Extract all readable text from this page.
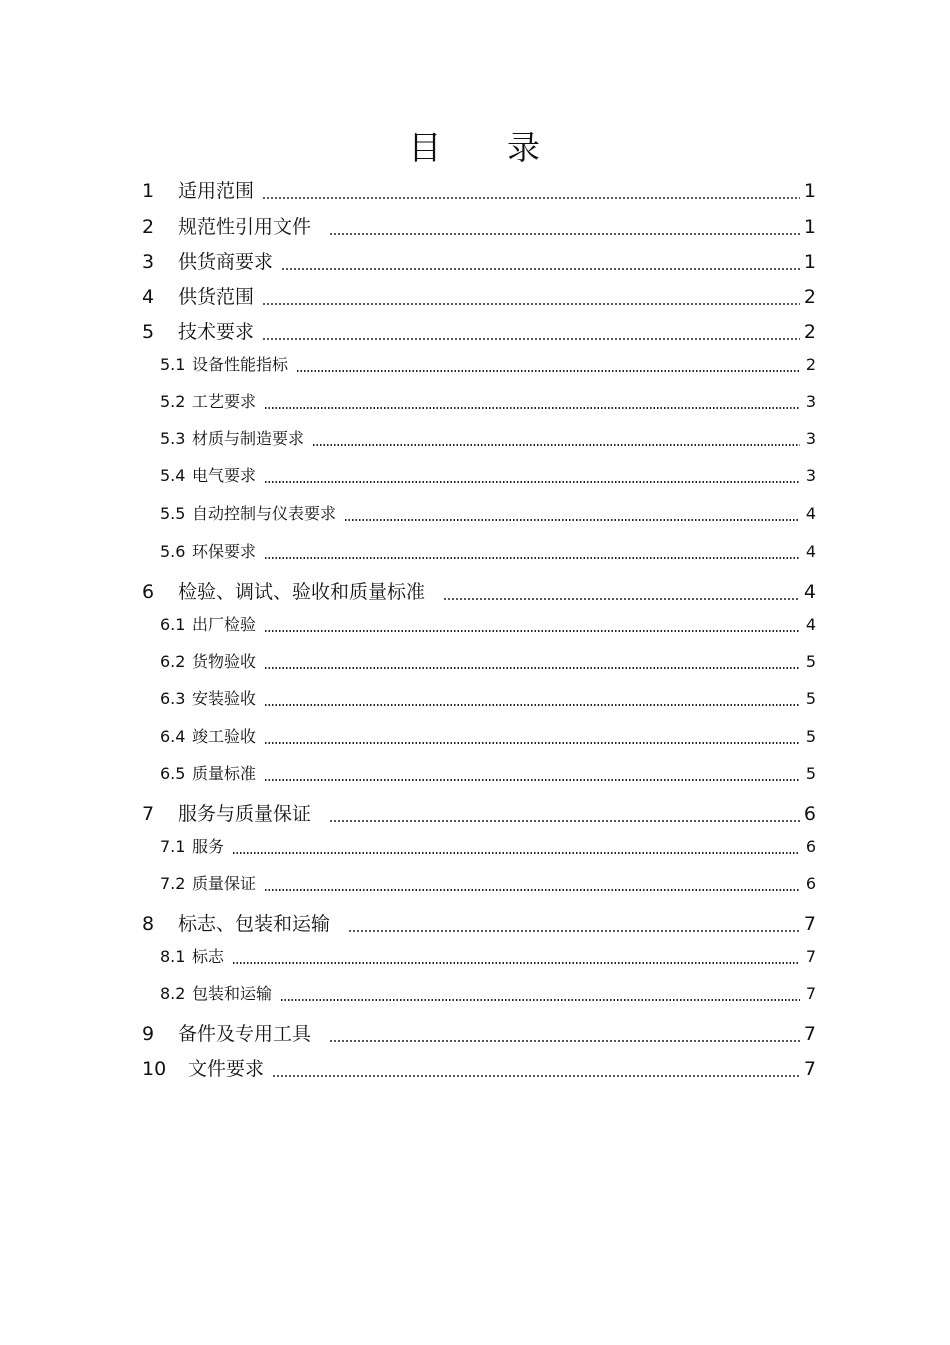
目 录
1	适用范围	1
2	规范性引用文件	1
3	供货商要求	1
4	供货范围	2
5	技术要求	2
5.1 设备性能指标	2
5.2 工艺要求	3
5.3 材质与制造要求	3
5.4 电气要求	3
5.5 自动控制与仪表要求	4
5.6 环保要求	4
6	检验、调试、验收和质量标准	4
6.1 出厂检验	4
6.2 货物验收	5
6.3 安装验收	5
6.4 竣工验收	5
6.5 质量标准	5
7	服务与质量保证	6
7.1 服务	6
7.2 质量保证	6
8	标志、包装和运输	7
8.1 标志	7
8.2 包装和运输	7
9	备件及专用工具	7
10	文件要求	7
